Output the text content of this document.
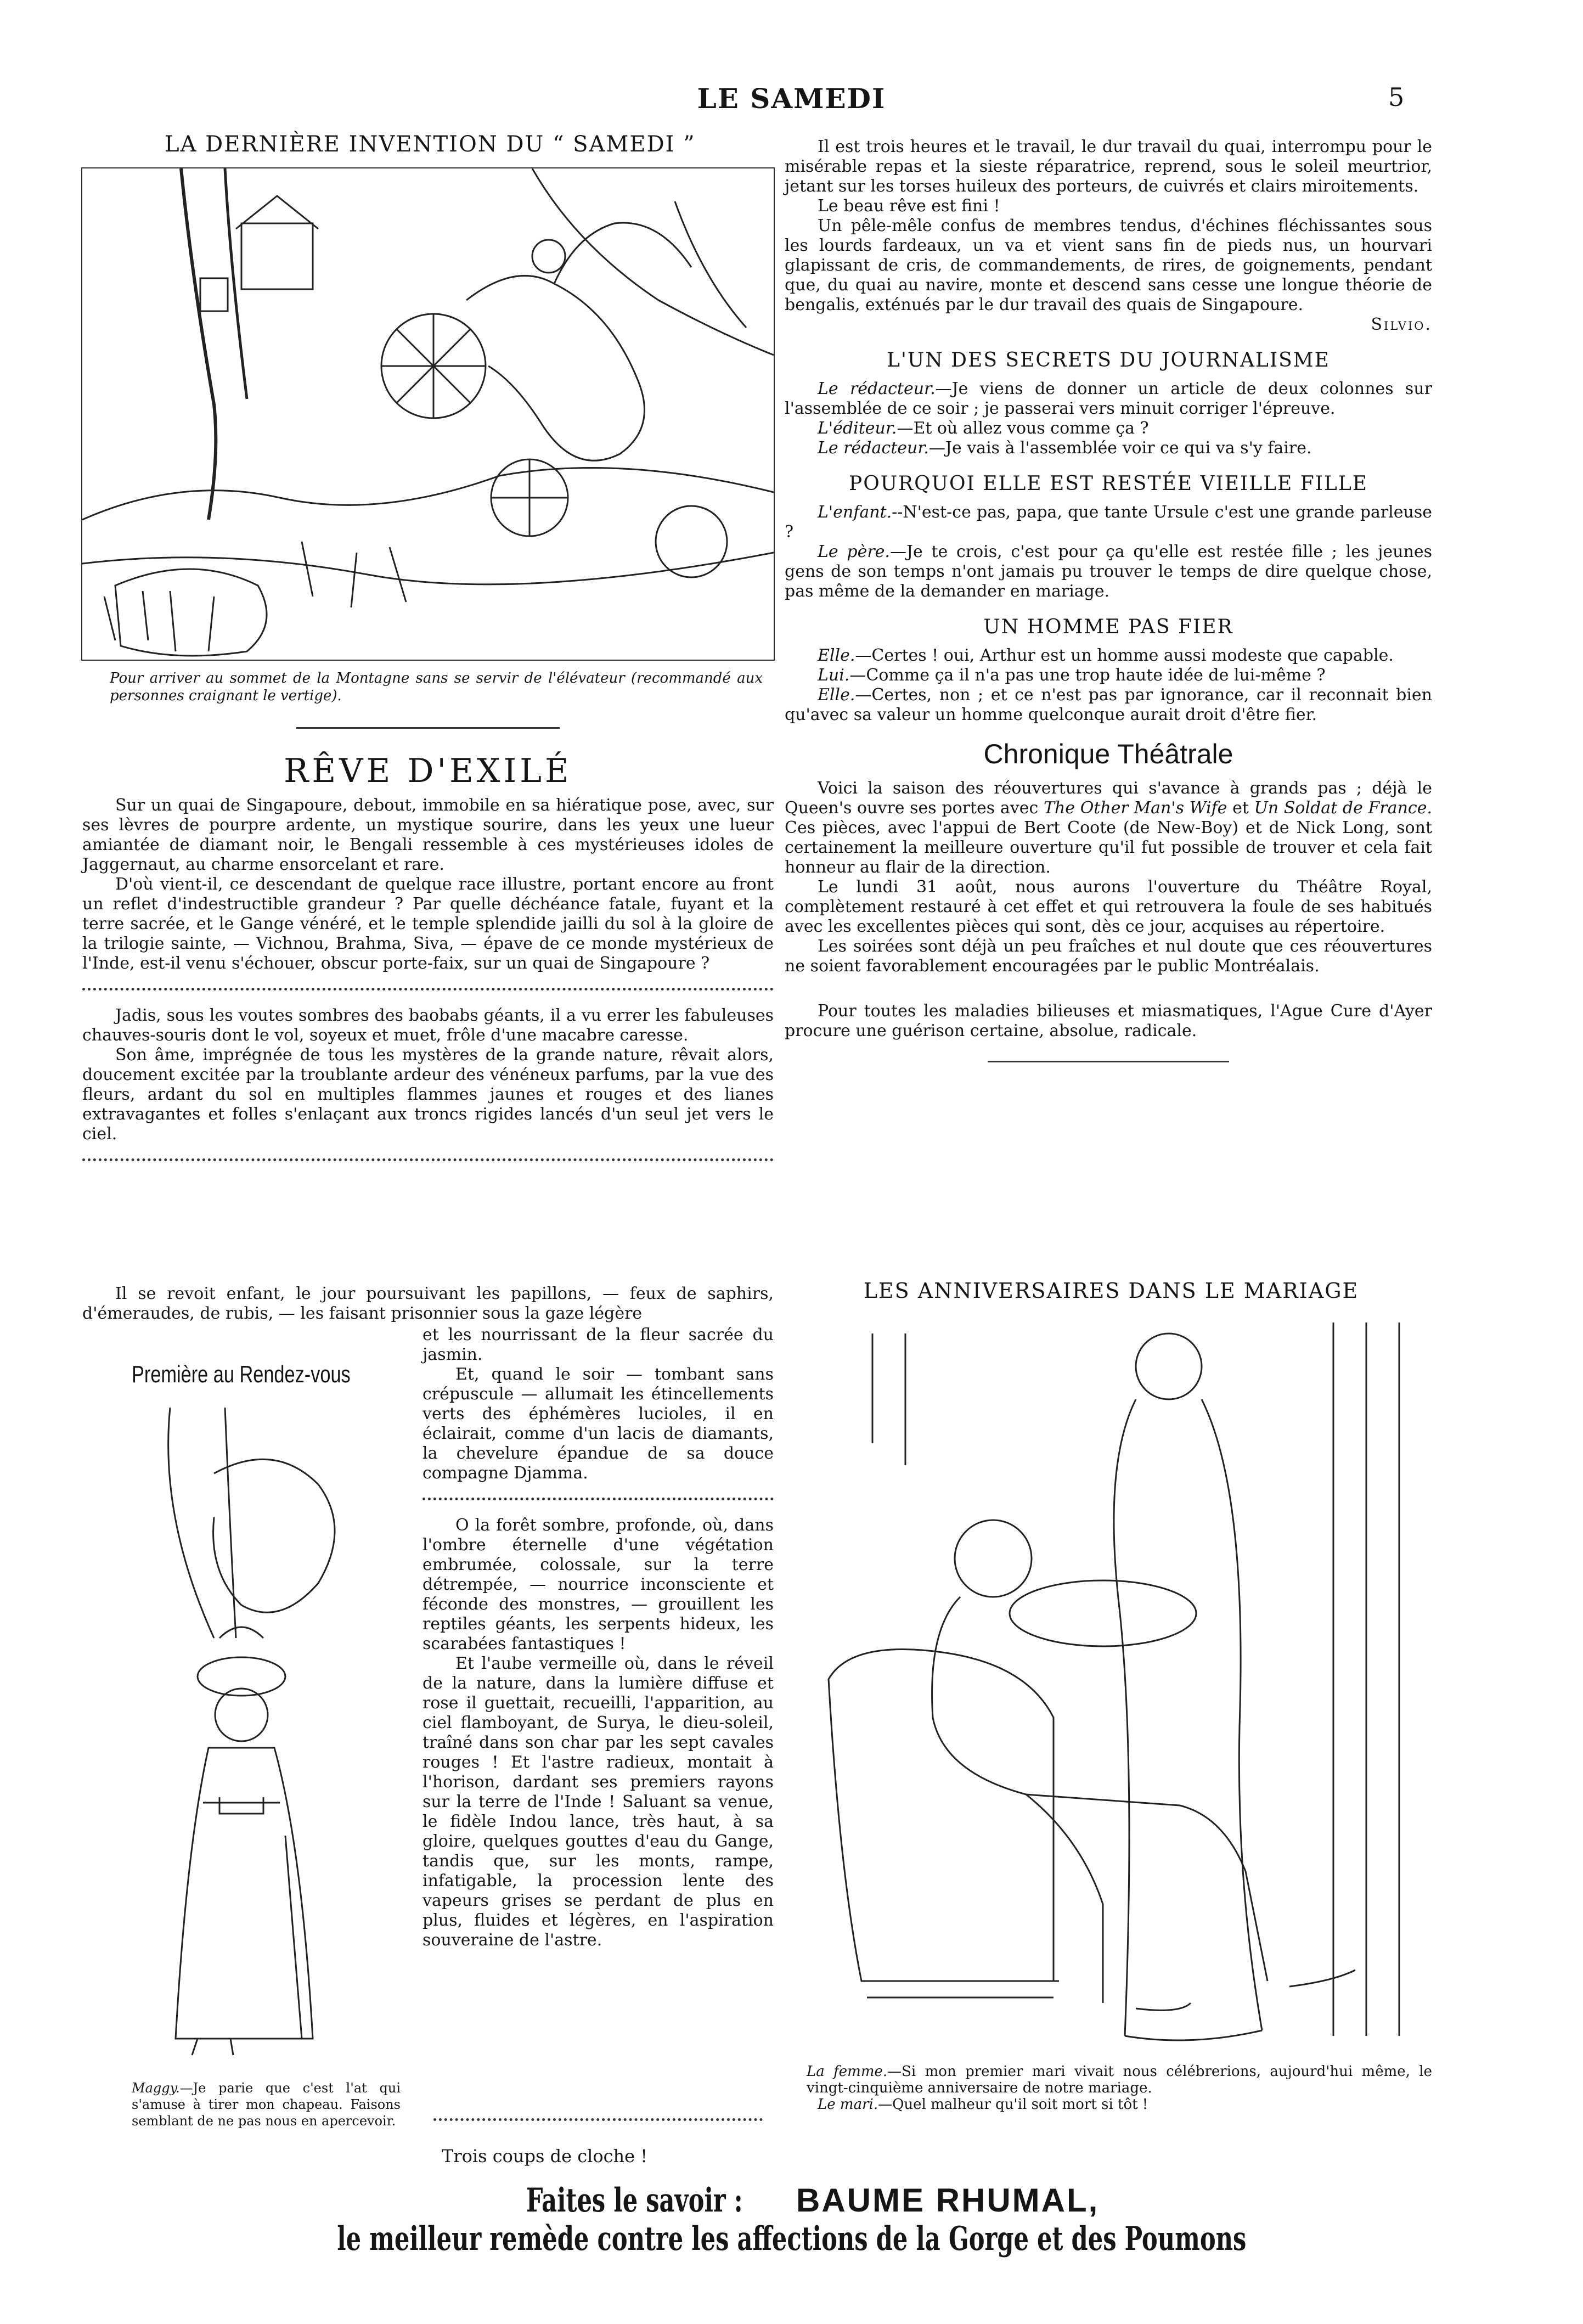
LE SAMEDI	5
LA DERNIÈRE INVENTION DU “ SAMEDI ”
Pour arriver au sommet de la Montagne sans se servir de l'élévateur (recommandé aux personnes craignant le vertige).
RÊVE D'EXILÉ

Sur un quai de Singapoure, debout, immobile en sa hiératique pose, avec, sur ses lèvres de pourpre ardente, un mystique sourire, dans les yeux une lueur amiantée de diamant noir, le Bengali ressemble à ces mystérieuses idoles de Jaggernaut, au charme ensorcelant et rare.

D'où vient-il, ce descendant de quelque race illustre, portant encore au front un reflet d'indestructible grandeur ? Par quelle déchéance fatale, fuyant et la terre sacrée, et le Gange vénéré, et le temple splendide jailli du sol à la gloire de la trilogie sainte, — Vichnou, Brahma, Siva, — épave de ce monde mystérieux de l'Inde, est-il venu s'échouer, obscur porte-faix, sur un quai de Singapoure ?

Jadis, sous les voutes sombres des baobabs géants, il a vu errer les fabuleuses chauves-souris dont le vol, soyeux et muet, frôle d'une macabre caresse.

Son âme, imprégnée de tous les mystères de la grande nature, rêvait alors, doucement excitée par la troublante ardeur des vénéneux parfums, par la vue des fleurs, ardant du sol en multiples flammes jaunes et rouges et des lianes extravagantes et folles s'enlaçant aux troncs rigides lancés d'un seul jet vers le ciel.

Il se revoit enfant, le jour poursuivant les papillons, — feux de saphirs, d'émeraudes, de rubis, — les faisant prisonnier sous la gaze légère

et les nourrissant de la fleur sacrée du jasmin.

Et, quand le soir — tombant sans crépuscule — allumait les étincellements verts des éphémères lucioles, il en éclairait, comme d'un lacis de diamants, la chevelure épandue de sa douce compagne Djamma.

O la forêt sombre, profonde, où, dans l'ombre éternelle d'une végétation embrumée, colossale, sur la terre détrempée, — nourrice inconsciente et féconde des monstres, — grouillent les reptiles géants, les serpents hideux, les scarabées fantastiques !

Et l'aube vermeille où, dans le réveil de la nature, dans la lumière diffuse et rose il guettait, recueilli, l'apparition, au ciel flamboyant, de Surya, le dieu-soleil, traîné dans son char par les sept cavales rouges ! Et l'astre radieux, montait à l'horison, dardant ses premiers rayons sur la terre de l'Inde ! Saluant sa venue, le fidèle Indou lance, très haut, à sa gloire, quelques gouttes d'eau du Gange, tandis que, sur les monts, rampe, infatigable, la procession lente des vapeurs grises se perdant de plus en plus, fluides et légères, en l'aspiration souveraine de l'astre.

Trois coups de cloche !
Première au Rendez-vous
Maggy.—Je parie que c'est l'at qui s'amuse à tirer mon chapeau. Faisons semblant de ne pas nous en apercevoir.

Il est trois heures et le travail, le dur travail du quai, interrompu pour le misérable repas et la sieste réparatrice, reprend, sous le soleil meurtrior, jetant sur les torses huileux des porteurs, de cuivrés et clairs miroitements.

Le beau rêve est fini !

Un pêle-mêle confus de membres tendus, d'échines fléchissantes sous les lourds fardeaux, un va et vient sans fin de pieds nus, un hourvari glapissant de cris, de commandements, de rires, de goignements, pendant que, du quai au navire, monte et descend sans cesse une longue théorie de bengalis, exténués par le dur travail des quais de Singapoure.

Silvio.

L'UN DES SECRETS DU JOURNALISME

Le rédacteur.—Je viens de donner un article de deux colonnes sur l'assemblée de ce soir ; je passerai vers minuit corriger l'épreuve.

L'éditeur.—Et où allez vous comme ça ?

Le rédacteur.—Je vais à l'assemblée voir ce qui va s'y faire.

POURQUOI ELLE EST RESTÉE VIEILLE FILLE

L'enfant.--N'est-ce pas, papa, que tante Ursule c'est une grande parleuse ?

Le père.—Je te crois, c'est pour ça qu'elle est restée fille ; les jeunes gens de son temps n'ont jamais pu trouver le temps de dire quelque chose, pas même de la demander en mariage.

UN HOMME PAS FIER

Elle.—Certes ! oui, Arthur est un homme aussi modeste que capable.

Lui.—Comme ça il n'a pas une trop haute idée de lui-même ?

Elle.—Certes, non ; et ce n'est pas par ignorance, car il reconnait bien qu'avec sa valeur un homme quelconque aurait droit d'être fier.

Chronique Théâtrale

Voici la saison des réouvertures qui s'avance à grands pas ; déjà le Queen's ouvre ses portes avec The Other Man's Wife et Un Soldat de France. Ces pièces, avec l'appui de Bert Coote (de New-Boy) et de Nick Long, sont certainement la meilleure ouverture qu'il fut possible de trouver et cela fait honneur au flair de la direction.

Le lundi 31 août, nous aurons l'ouverture du Théâtre Royal, complètement restauré à cet effet et qui retrouvera la foule de ses habitués avec les excellentes pièces qui sont, dès ce jour, acquises au répertoire.

Les soirées sont déjà un peu fraîches et nul doute que ces réouvertures ne soient favorablement encouragées par le public Montréalais.

Pour toutes les maladies bilieuses et miasmatiques, l'Ague Cure d'Ayer procure une guérison certaine, absolue, radicale.

LES ANNIVERSAIRES DANS LE MARIAGE
La femme.—Si mon premier mari vivait nous célébrerions, aujourd'hui même, le vingt-cinquième anniversaire de notre mariage.
Le mari.—Quel malheur qu'il soit mort si tôt !
Faites le savoir : BAUME RHUMAL, le meilleur remède contre les affections de la Gorge et des Poumons
